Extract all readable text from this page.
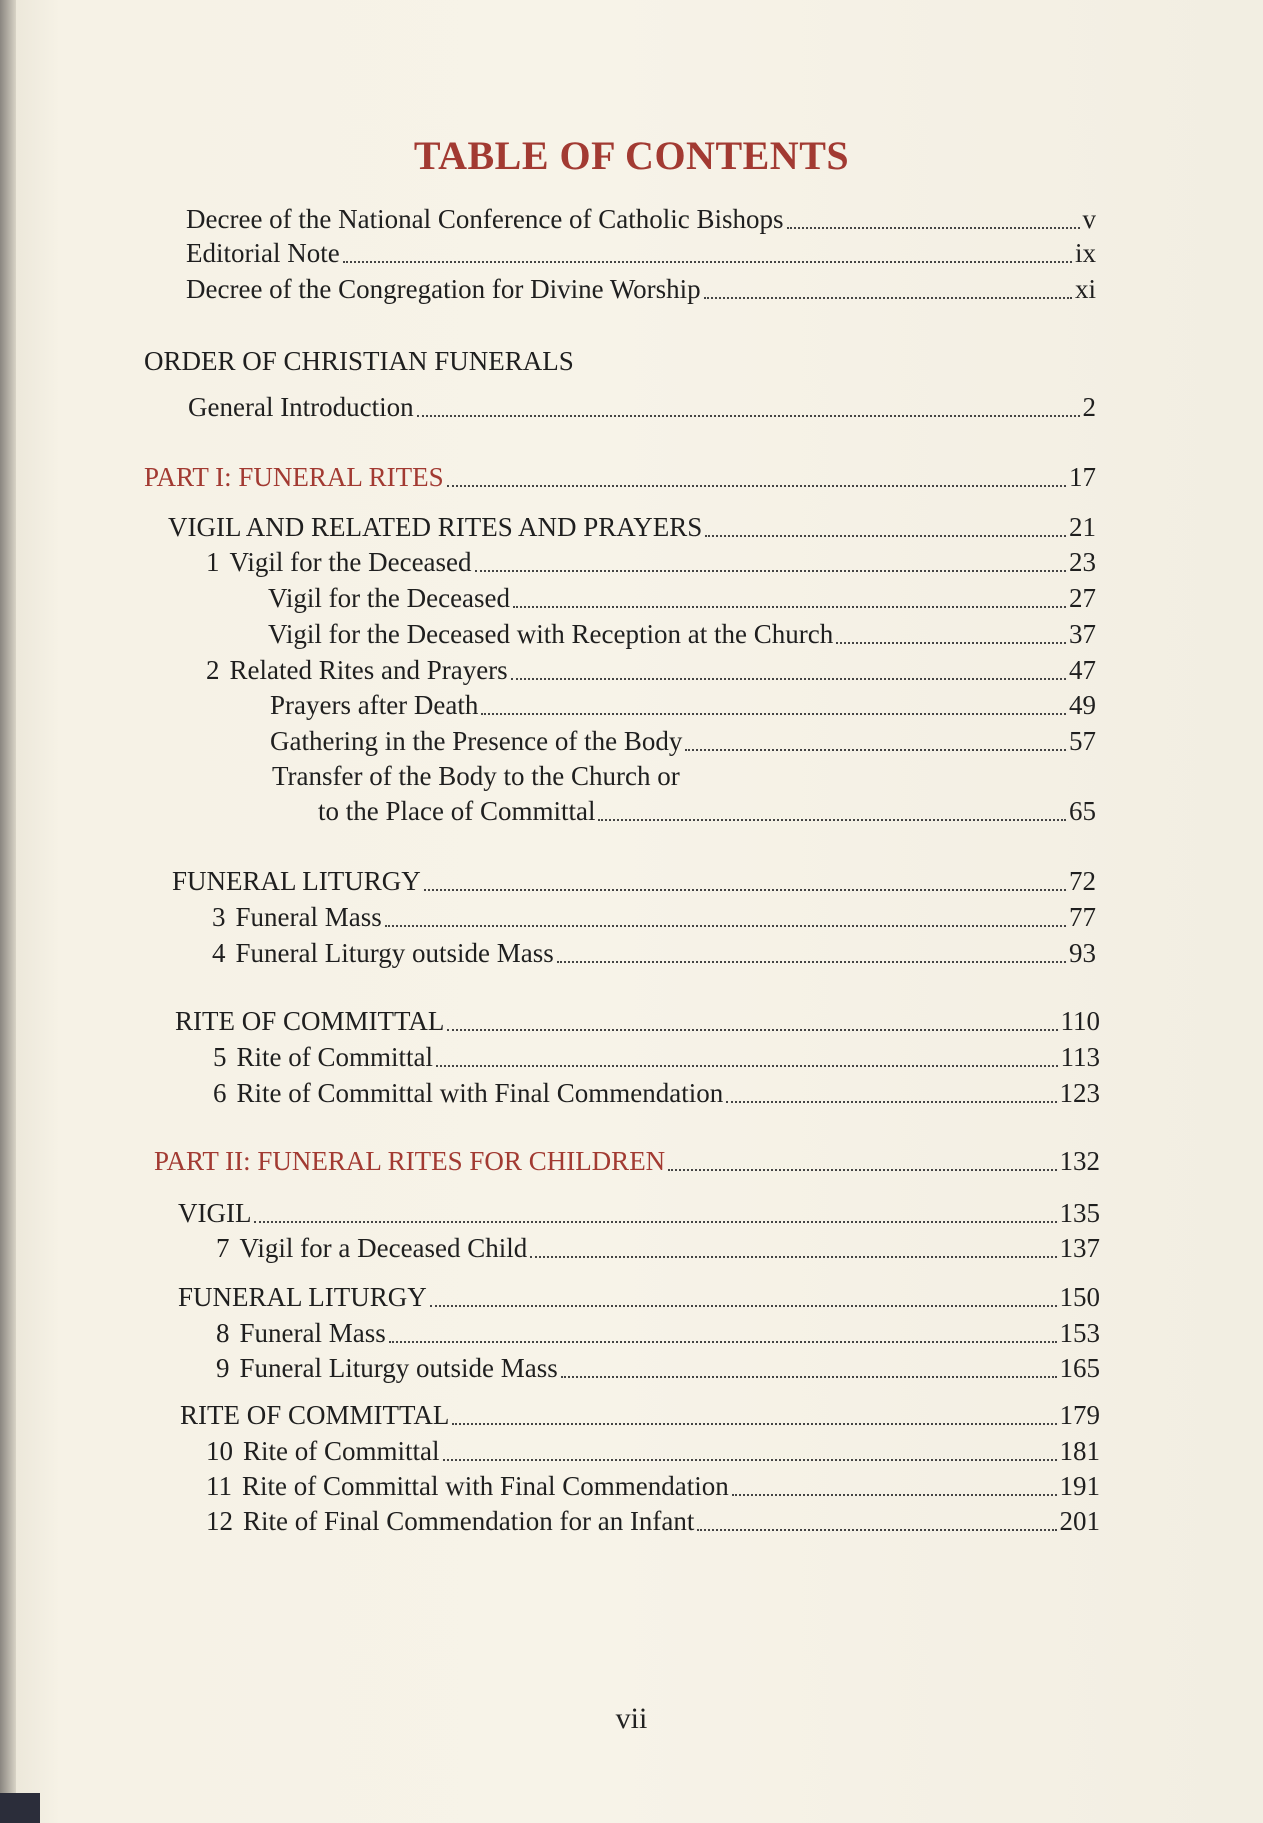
TABLE OF CONTENTS
Decree of the National Conference of Catholic Bishops	v
Editorial Note	ix
Decree of the Congregation for Divine Worship	xi
ORDER OF CHRISTIAN FUNERALS
General Introduction	2
PART I: FUNERAL RITES	17
VIGIL AND RELATED RITES AND PRAYERS	21
1 Vigil for the Deceased	23
Vigil for the Deceased	27
Vigil for the Deceased with Reception at the Church	37
2 Related Rites and Prayers	47
Prayers after Death	49
Gathering in the Presence of the Body	57
Transfer of the Body to the Church or
to the Place of Committal	65
FUNERAL LITURGY	72
3 Funeral Mass	77
4 Funeral Liturgy outside Mass	93
RITE OF COMMITTAL	110
5 Rite of Committal	113
6 Rite of Committal with Final Commendation	123
PART II: FUNERAL RITES FOR CHILDREN	132
VIGIL	135
7 Vigil for a Deceased Child	137
FUNERAL LITURGY	150
8 Funeral Mass	153
9 Funeral Liturgy outside Mass	165
RITE OF COMMITTAL	179
10 Rite of Committal	181
11 Rite of Committal with Final Commendation	191
12 Rite of Final Commendation for an Infant	201
vii
